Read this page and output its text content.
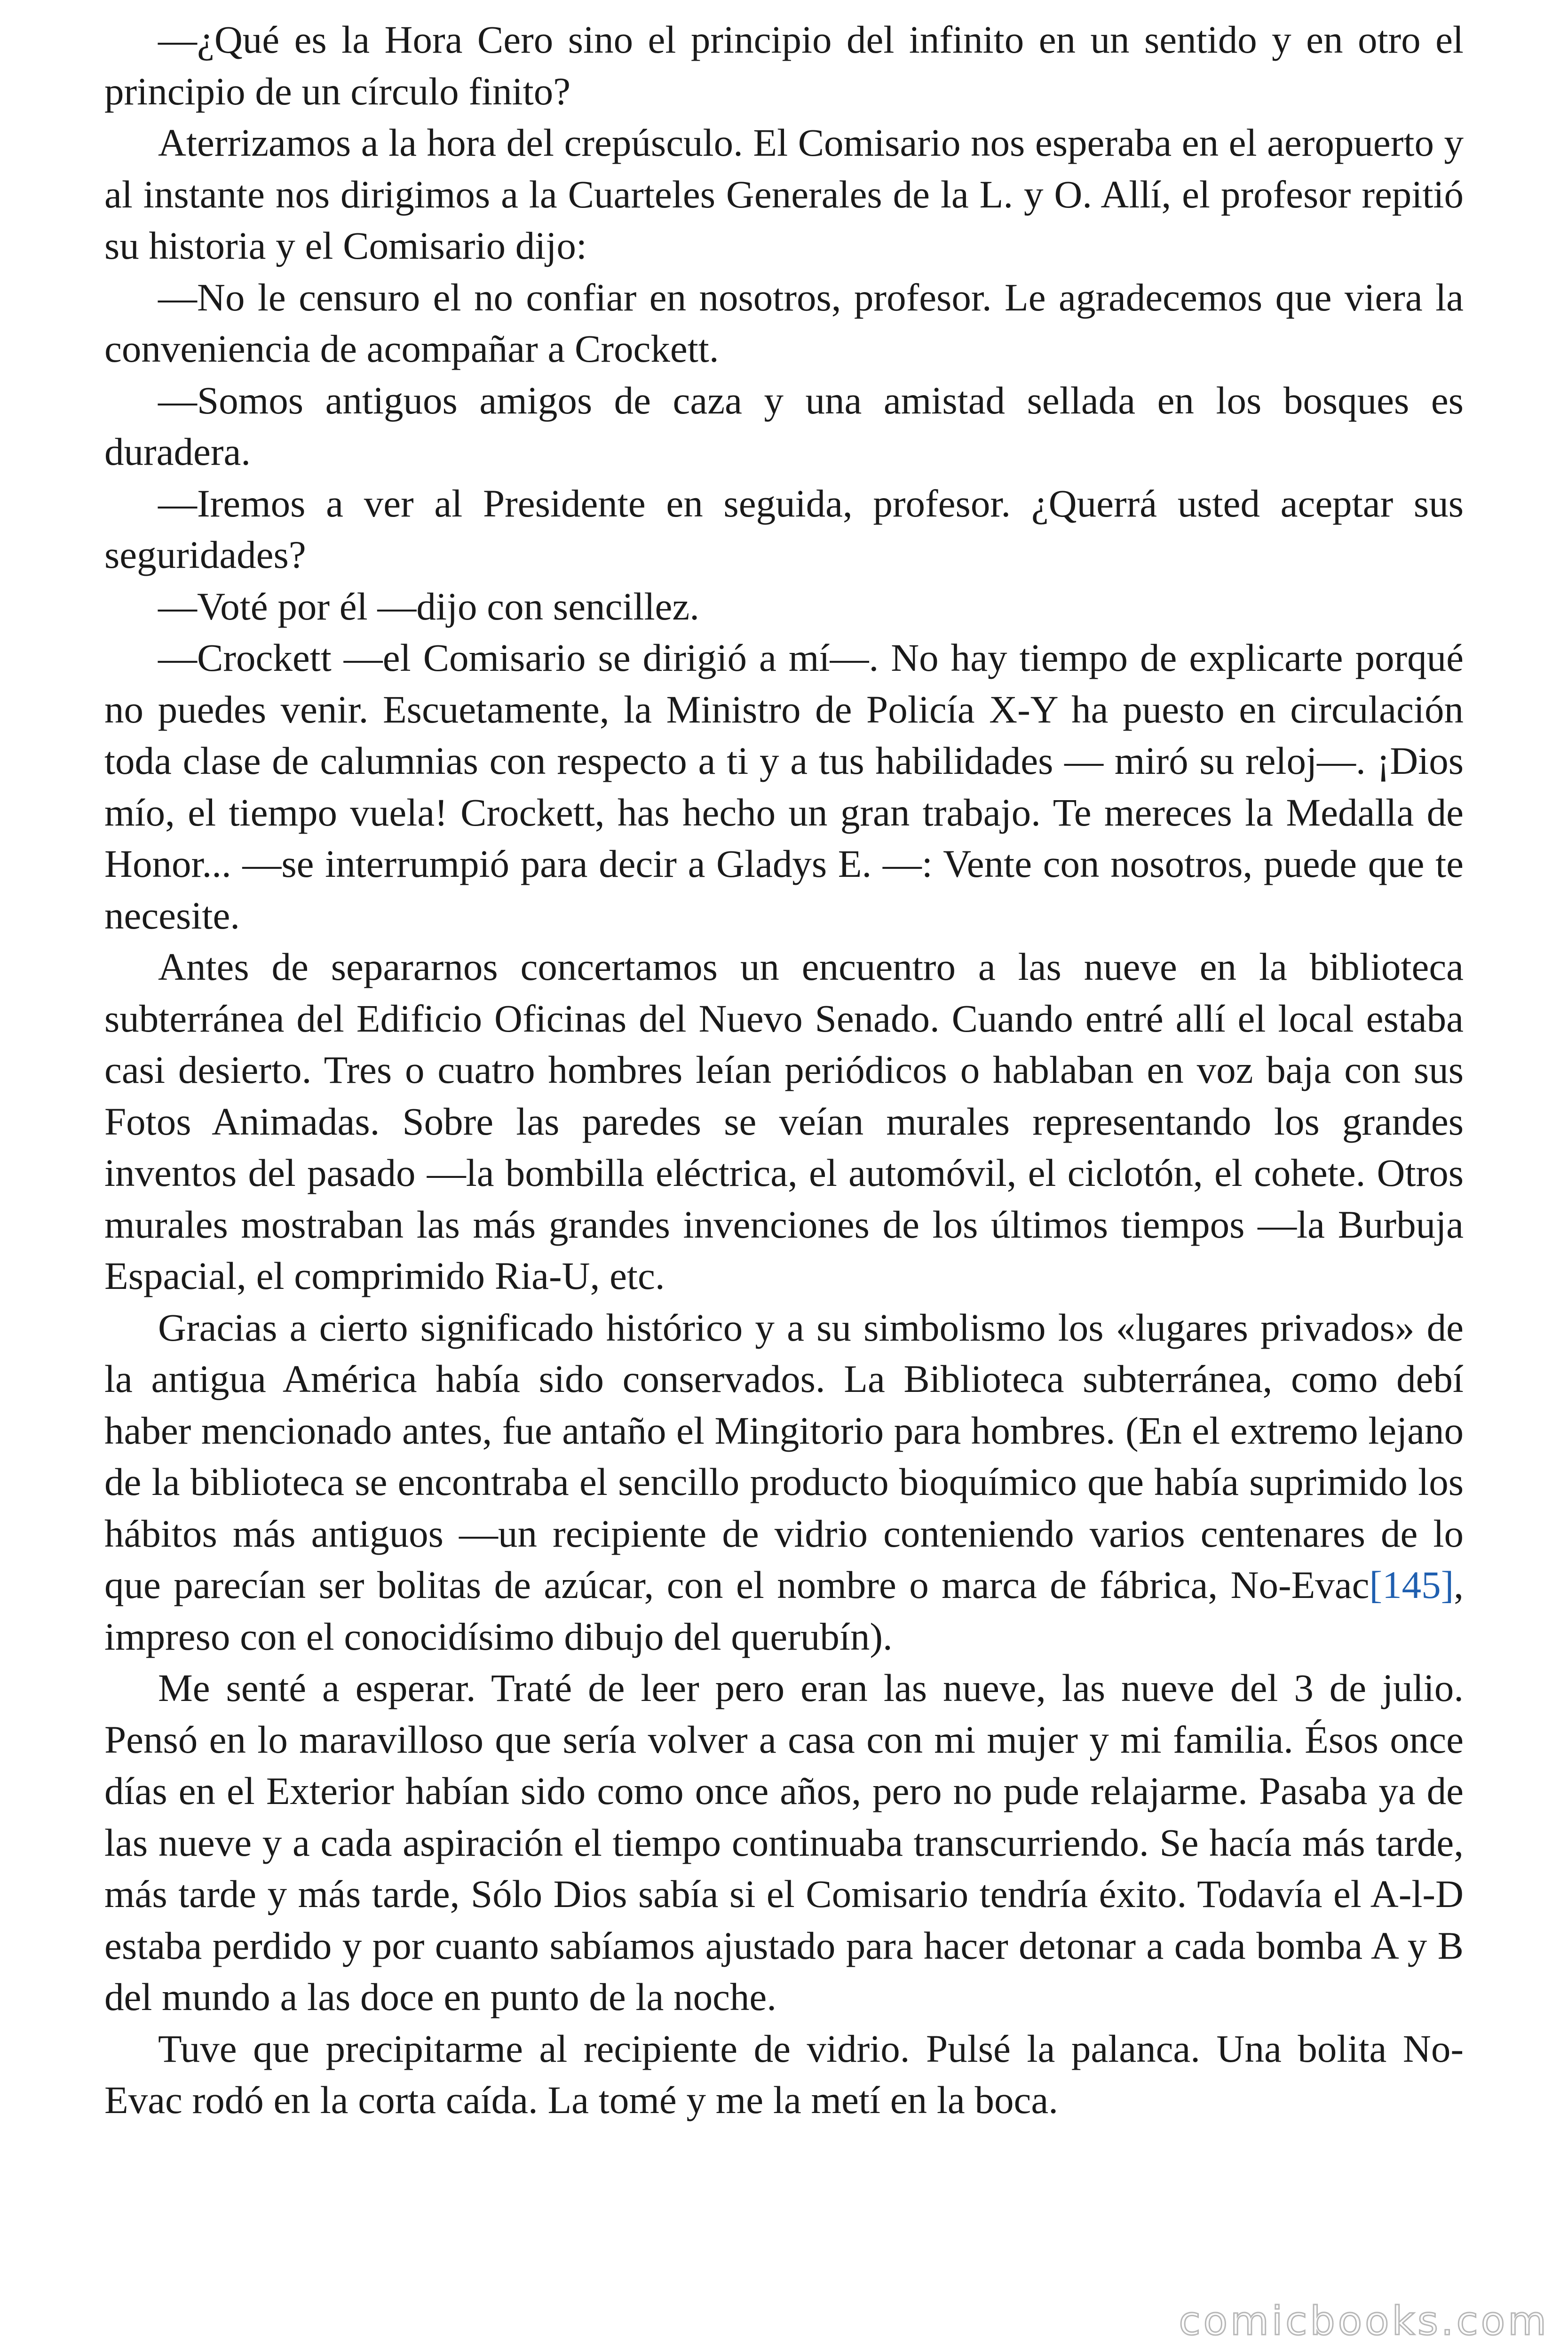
—¿Qué es la Hora Cero sino el principio del infinito en un sentido y en otro el principio de un círculo finito?

Aterrizamos a la hora del crepúsculo. El Comisario nos esperaba en el aeropuerto y al instante nos dirigimos a la Cuarteles Generales de la L. y O. Allí, el profesor repitió su historia y el Comisario dijo:

—No le censuro el no confiar en nosotros, profesor. Le agradecemos que viera la conveniencia de acompañar a Crockett.

—Somos antiguos amigos de caza y una amistad sellada en los bosques es duradera.

—Iremos a ver al Presidente en seguida, profesor. ¿Querrá usted aceptar sus seguridades?

—Voté por él —dijo con sencillez.

—Crockett —el Comisario se dirigió a mí—. No hay tiempo de explicarte porqué no puedes venir. Escuetamente, la Ministro de Policía X-Y ha puesto en circulación toda clase de calumnias con respecto a ti y a tus habilidades — miró su reloj—. ¡Dios mío, el tiempo vuela! Crockett, has hecho un gran trabajo. Te mereces la Medalla de Honor... —se interrumpió para decir a Gladys E. —: Vente con nosotros, puede que te necesite.

Antes de separarnos concertamos un encuentro a las nueve en la biblioteca subterránea del Edificio Oficinas del Nuevo Senado. Cuando entré allí el local estaba casi desierto. Tres o cuatro hombres leían periódicos o hablaban en voz baja con sus Fotos Animadas. Sobre las paredes se veían murales representando los grandes inventos del pasado —la bombilla eléctrica, el automóvil, el ciclotón, el cohete. Otros murales mostraban las más grandes invenciones de los últimos tiempos —la Burbuja Espacial, el comprimido Ria-U, etc.

Gracias a cierto significado histórico y a su simbolismo los «lugares privados» de la antigua América había sido conservados. La Biblioteca subterránea, como debí haber mencionado antes, fue antaño el Mingitorio para hombres. (En el extremo lejano de la biblioteca se encontraba el sencillo producto bioquímico que había suprimido los hábitos más antiguos —un recipiente de vidrio conteniendo varios centenares de lo que parecían ser bolitas de azúcar, con el nombre o marca de fábrica, No-Evac[145], impreso con el conocidísimo dibujo del querubín).

Me senté a esperar. Traté de leer pero eran las nueve, las nueve del 3 de julio. Pensó en lo maravilloso que sería volver a casa con mi mujer y mi familia. Ésos once días en el Exterior habían sido como once años, pero no pude relajarme. Pasaba ya de las nueve y a cada aspiración el tiempo continuaba transcurriendo. Se hacía más tarde, más tarde y más tarde, Sólo Dios sabía si el Comisario tendría éxito. Todavía el A-l-D estaba perdido y por cuanto sabíamos ajustado para hacer detonar a cada bomba A y B del mundo a las doce en punto de la noche.

Tuve que precipitarme al recipiente de vidrio. Pulsé la palanca. Una bolita No-Evac rodó en la corta caída. La tomé y me la metí en la boca.

comicbooks.com
